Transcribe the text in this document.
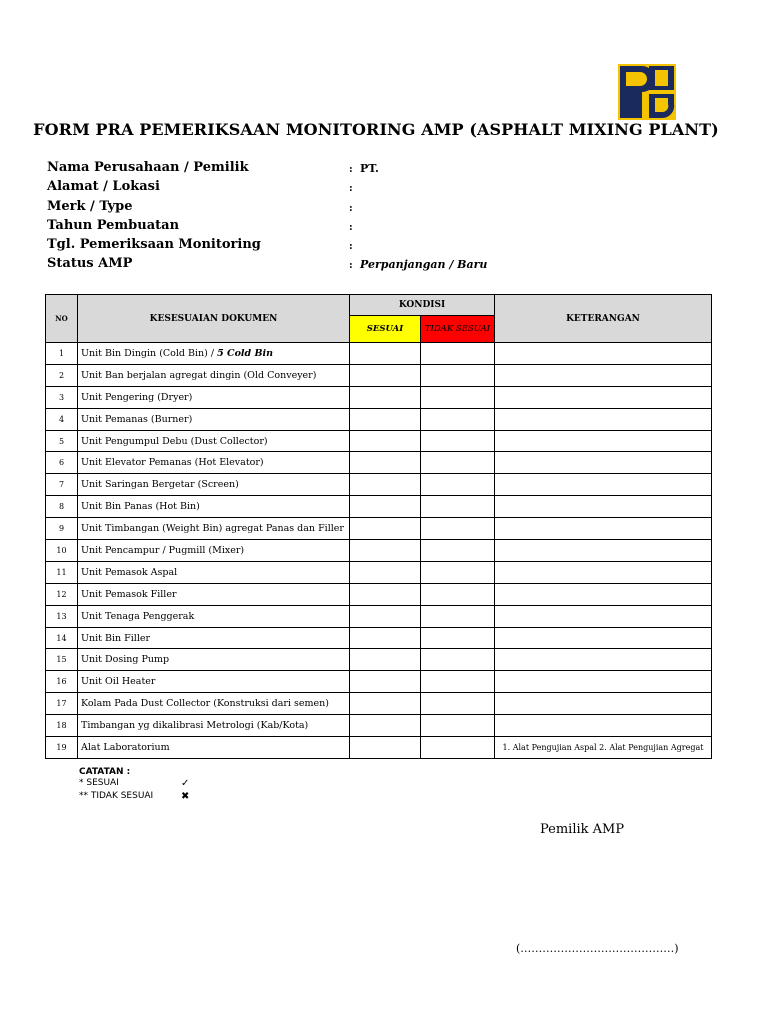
FORM PRA PEMERIKSAAN MONITORING AMP (ASPHALT MIXING PLANT)
Nama Perusahaan / Pemilik	: PT.
Alamat / Lokasi	:
Merk / Type	:
Tahun Pembuatan	:
Tgl. Pemeriksaan Monitoring	:
Status AMP	: Perpanjangan / Baru
NO	KESESUAIAN DOKUMEN	KONDISI		KETERANGAN
		SESUAI	TIDAK SESUAI	
1	Unit Bin Dingin (Cold Bin) / 5 Cold Bin			
2	Unit Ban berjalan agregat dingin (Old Conveyer)			
3	Unit Pengering (Dryer)			
4	Unit Pemanas (Burner)			
5	Unit Pengumpul Debu (Dust Collector)			
6	Unit Elevator Pemanas (Hot Elevator)			
7	Unit Saringan Bergetar (Screen)			
8	Unit Bin Panas (Hot Bin)			
9	Unit Timbangan (Weight Bin) agregat Panas dan Filler			
10	Unit Pencampur / Pugmill (Mixer)			
11	Unit Pemasok Aspal			
12	Unit Pemasok Filler			
13	Unit Tenaga Penggerak			
14	Unit Bin Filler			
15	Unit Dosing Pump			
16	Unit Oil Heater			
17	Kolam Pada Dust Collector (Konstruksi dari semen)			
18	Timbangan yg dikalibrasi Metrologi (Kab/Kota)			
19	Alat Laboratorium			1. Alat Pengujian Aspal 2. Alat Pengujian Agregat
CATATAN :
* SESUAI	✓
** TIDAK SESUAI	✖
Pemilik AMP
(……………………………………)
